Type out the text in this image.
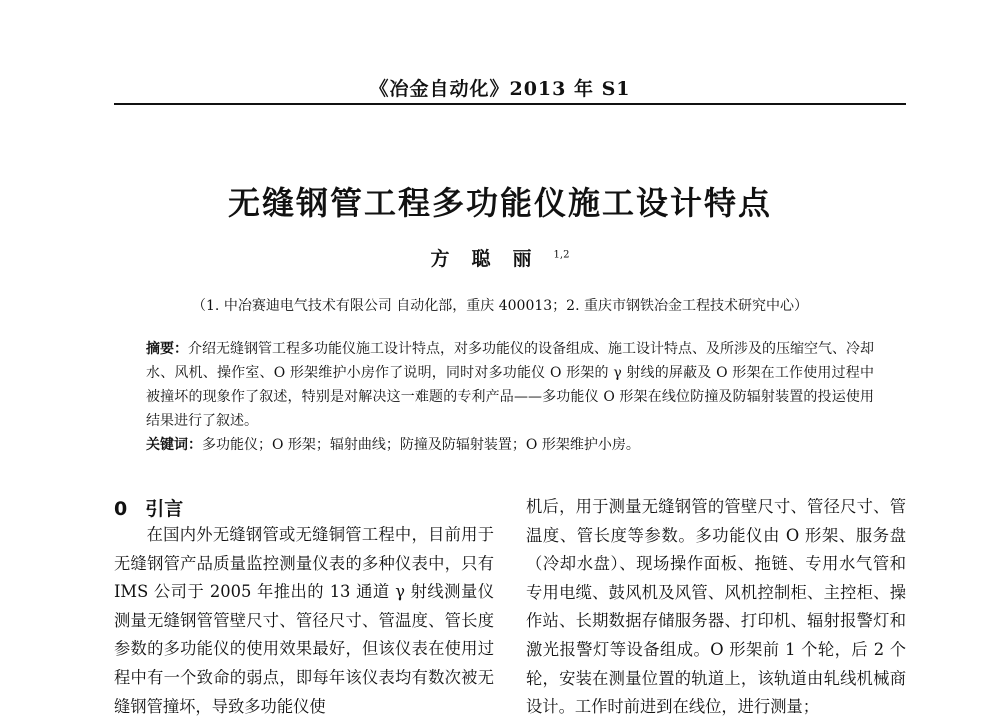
《冶金自动化》2013 年 S1
无缝钢管工程多功能仪施工设计特点
方聪丽$^{1,2}$
（1. 中冶赛迪电气技术有限公司 自动化部，重庆 400013；2. 重庆市钢铁冶金工程技术研究中心）

摘要：介绍无缝钢管工程多功能仪施工设计特点，对多功能仪的设备组成、施工设计特点、及所涉及的压缩空气、冷却水、风机、操作室、O 形架维护小房作了说明，同时对多功能仪 O 形架的 γ 射线的屏蔽及 O 形架在工作使用过程中被撞坏的现象作了叙述，特别是对解决这一难题的专利产品——多功能仪 O 形架在线位防撞及防辐射装置的投运使用结果进行了叙述。

关键词：多功能仪；O 形架；辐射曲线；防撞及防辐射装置；O 形架维护小房。
0 引言

在国内外无缝钢管或无缝铜管工程中，目前用于无缝钢管产品质量监控测量仪表的多种仪表中，只有 IMS 公司于 2005 年推出的 13 通道 γ 射线测量仪测量无缝钢管管壁尺寸、管径尺寸、管温度、管长度参数的多功能仪的使用效果最好，但该仪表在使用过程中有一个致命的弱点，即每年该仪表均有数次被无缝钢管撞坏，导致多功能仪使

机后，用于测量无缝钢管的管壁尺寸、管径尺寸、管温度、管长度等参数。多功能仪由 O 形架、服务盘（冷却水盘）、现场操作面板、拖链、专用水气管和专用电缆、鼓风机及风管、风机控制柜、主控柜、操作站、长期数据存储服务器、打印机、辐射报警灯和激光报警灯等设备组成。O 形架前 1 个轮，后 2 个轮，安装在测量位置的轨道上，该轨道由轧线机械商设计。工作时前进到在线位，进行测量；
